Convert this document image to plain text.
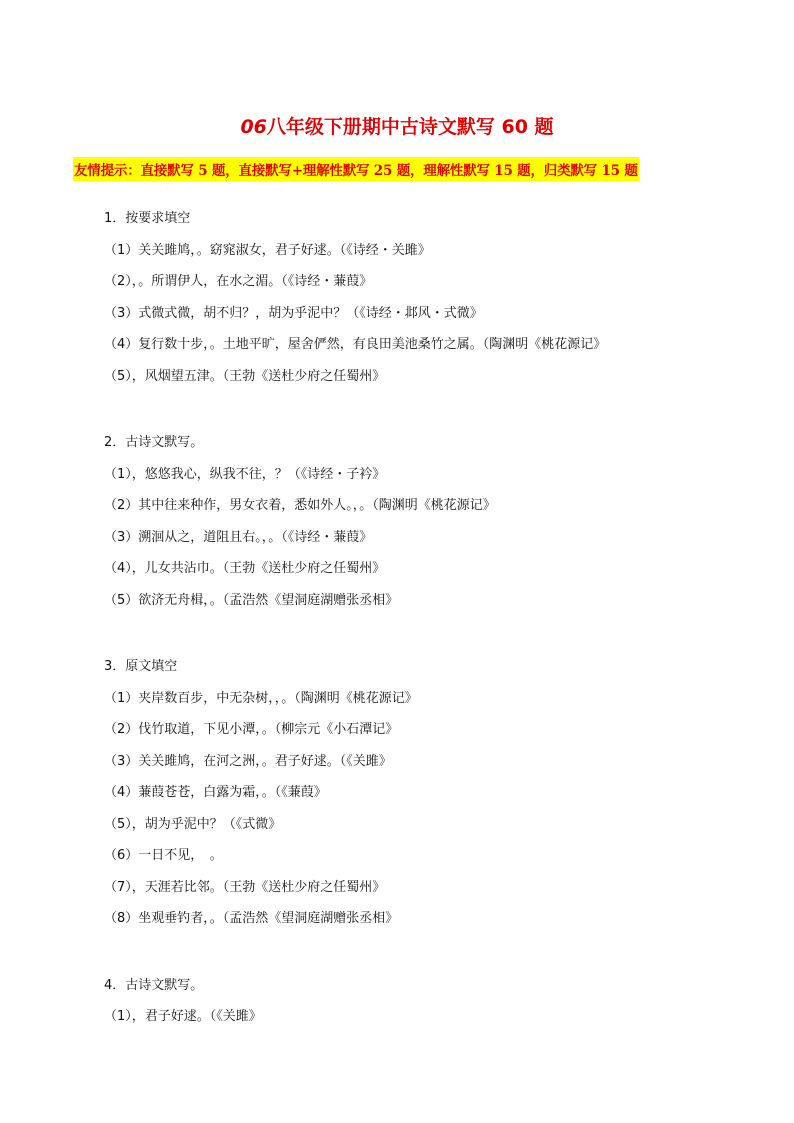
06八年级下册期中古诗文默写 60 题
友情提示：直接默写 5 题，直接默写+理解性默写 25 题，理解性默写 15 题，归类默写 15 题
1．按要求填空
（1）关关雎鸠，。窈窕淑女，君子好逑。（《诗经・关雎》
（2），。所谓伊人，在水之湄。（《诗经・蒹葭》
（3）式微式微，胡不归？，胡为乎泥中？（《诗经・邶风・式微》
（4）复行数十步，。土地平旷，屋舍俨然，有良田美池桑竹之属。（陶渊明《桃花源记》
（5），风烟望五津。（王勃《送杜少府之任蜀州》
2．古诗文默写。
（1），悠悠我心，纵我不往，？（《诗经・子衿》
（2）其中往来种作，男女衣着，悉如外人。，。（陶渊明《桃花源记》
（3）溯洄从之，道阻且右。，。（《诗经・蒹葭》
（4），儿女共沾巾。（王勃《送杜少府之任蜀州》
（5）欲济无舟楫，。（孟浩然《望洞庭湖赠张丞相》
3．原文填空
（1）夹岸数百步，中无杂树，，。（陶渊明《桃花源记》
（2）伐竹取道，下见小潭，。（柳宗元《小石潭记》
（3）关关雎鸠，在河之洲，。君子好逑。（《关雎》
（4）蒹葭苍苍，白露为霜，。（《蒹葭》
（5），胡为乎泥中？（《式微》
（6）一日不见，　。
（7），天涯若比邻。（王勃《送杜少府之任蜀州》
（8）坐观垂钓者，。（孟浩然《望洞庭湖赠张丞相》
4．古诗文默写。
（1），君子好逑。（《关雎》
